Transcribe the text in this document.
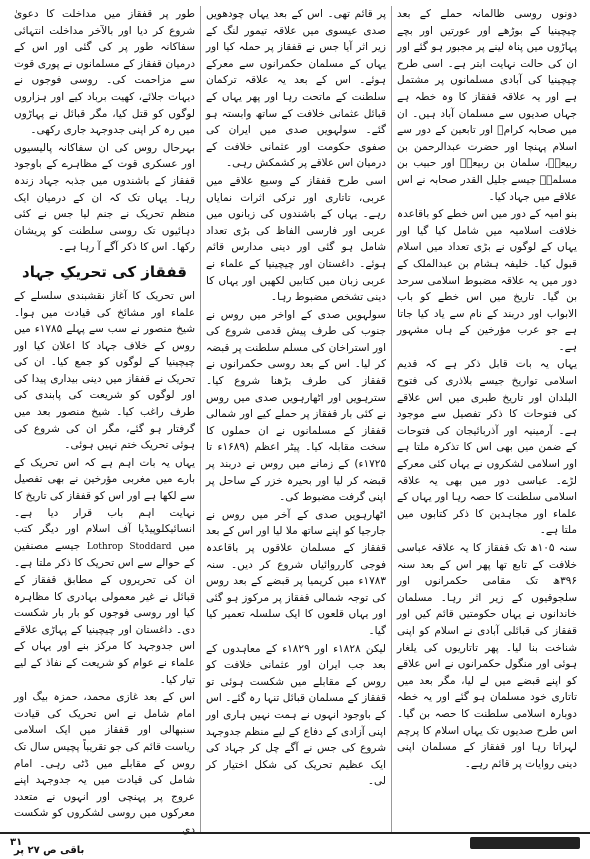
دونوں روسی ظالمانہ حملے کے بعد چیچینیا کے بوڑھے اور عورتیں اور بچے پہاڑوں میں پناہ لینے پر مجبور ہو گئے اور ان کی حالت نہایت ابتر ہے۔ اسی طرح چیچینیا کی آبادی مسلمانوں پر مشتمل ہے اور یہ علاقہ قفقاز کا وہ خطہ ہے جہاں صدیوں سے مسلمان آباد ہیں۔ ان میں صحابہ کرامؓ اور تابعین کے دور سے اسلام پہنچا اور حضرت عبدالرحمن بن ربیعہؓ، سلمان بن ربیعہؓ اور حبیب بن مسلمہؓ جیسے جلیل القدر صحابہ نے اس علاقے میں جہاد کیا۔

بنو امیہ کے دور میں اس خطے کو باقاعدہ خلافت اسلامیہ میں شامل کیا گیا اور یہاں کے لوگوں نے بڑی تعداد میں اسلام قبول کیا۔ خلیفہ ہشام بن عبدالملک کے دور میں یہ علاقہ مضبوط اسلامی سرحد بن گیا۔ تاریخ میں اس خطے کو باب الابواب اور دربند کے نام سے یاد کیا جاتا ہے جو عرب مؤرخین کے ہاں مشہور ہے۔

یہاں یہ بات قابل ذکر ہے کہ قدیم اسلامی تواریخ جیسے بلاذری کی فتوح البلدان اور تاریخ طبری میں اس علاقے کی فتوحات کا ذکر تفصیل سے موجود ہے۔ آرمینیہ اور آذربائیجان کی فتوحات کے ضمن میں بھی اس کا تذکرہ ملتا ہے اور اسلامی لشکروں نے یہاں کئی معرکے لڑے۔ عباسی دور میں بھی یہ علاقہ اسلامی سلطنت کا حصہ رہا اور یہاں کے علماء اور مجاہدین کا ذکر کتابوں میں ملتا ہے۔

سنہ ۱۰۵ھ تک قفقاز کا یہ علاقہ عباسی خلافت کے تابع تھا پھر اس کے بعد سنہ ۳۹۶ھ تک مقامی حکمرانوں اور سلجوقیوں کے زیر اثر رہا۔ مسلمان خاندانوں نے یہاں حکومتیں قائم کیں اور قفقاز کی قبائلی آبادی نے اسلام کو اپنی شناخت بنا لیا۔ پھر تاتاریوں کی یلغار ہوئی اور منگول حکمرانوں نے اس علاقے کو اپنے قبضے میں لے لیا، مگر بعد میں تاتاری خود مسلمان ہو گئے اور یہ خطہ دوبارہ اسلامی سلطنت کا حصہ بن گیا۔ اس طرح صدیوں تک یہاں اسلام کا پرچم لہراتا رہا اور قفقاز کے مسلمان اپنی دینی روایات پر قائم رہے۔

پر قائم تھی۔ اس کے بعد یہاں چودھویں صدی عیسوی میں علاقہ تیمور لنگ کے زیر اثر آیا جس نے قفقاز پر حملہ کیا اور یہاں کے مسلمان حکمرانوں سے معرکے ہوئے۔ اس کے بعد یہ علاقہ ترکمان سلطنت کے ماتحت رہا اور پھر یہاں کے قبائل عثمانی خلافت کے ساتھ وابستہ ہو گئے۔ سولہویں صدی میں ایران کی صفوی حکومت اور عثمانی خلافت کے درمیان اس علاقے پر کشمکش رہی۔

اسی طرح قفقاز کے وسیع علاقے میں عربی، تاتاری اور ترکی اثرات نمایاں رہے۔ یہاں کے باشندوں کی زبانوں میں عربی اور فارسی الفاظ کی بڑی تعداد شامل ہو گئی اور دینی مدارس قائم ہوئے۔ داغستان اور چیچینیا کے علماء نے عربی زبان میں کتابیں لکھیں اور یہاں کا دینی تشخص مضبوط رہا۔

سولہویں صدی کے اواخر میں روس نے جنوب کی طرف پیش قدمی شروع کی اور استراخان کی مسلم سلطنت پر قبضہ کر لیا۔ اس کے بعد روسی حکمرانوں نے قفقاز کی طرف بڑھنا شروع کیا۔ سترہویں اور اٹھارہویں صدی میں روس نے کئی بار قفقاز پر حملے کیے اور شمالی قفقاز کے مسلمانوں نے ان حملوں کا سخت مقابلہ کیا۔ پیٹر اعظم (۱۶۸۹ء تا ۱۷۲۵ء) کے زمانے میں روس نے دربند پر قبضہ کر لیا اور بحیرہ خزر کے ساحل پر اپنی گرفت مضبوط کی۔

اٹھارہویں صدی کے آخر میں روس نے جارجیا کو اپنے ساتھ ملا لیا اور اس کے بعد قفقاز کے مسلمان علاقوں پر باقاعدہ فوجی کارروائیاں شروع کر دیں۔ سنہ ۱۷۸۳ء میں کریمیا پر قبضے کے بعد روس کی توجہ شمالی قفقاز پر مرکوز ہو گئی اور یہاں قلعوں کا ایک سلسلہ تعمیر کیا گیا۔

لیکن ۱۸۲۸ء اور ۱۸۲۹ء کے معاہدوں کے بعد جب ایران اور عثمانی خلافت کو روس کے مقابلے میں شکست ہوئی تو قفقاز کے مسلمان قبائل تنہا رہ گئے۔ اس کے باوجود انہوں نے ہمت نہیں ہاری اور اپنی آزادی کے دفاع کے لیے منظم جدوجہد شروع کی جس نے آگے چل کر جہاد کی ایک عظیم تحریک کی شکل اختیار کر لی۔

طور پر قفقاز میں مداخلت کا دعویٰ شروع کر دیا اور بالآخر مداخلت انتہائی سفاکانہ طور پر کی گئی اور اس کے درمیان قفقاز کے مسلمانوں نے پوری قوت سے مزاحمت کی۔ روسی فوجوں نے دیہات جلائے، کھیت برباد کیے اور ہزاروں لوگوں کو قتل کیا، مگر قبائل نے پہاڑوں میں رہ کر اپنی جدوجہد جاری رکھی۔

بہرحال روس کی ان سفاکانہ پالیسیوں اور عسکری قوت کے مظاہرے کے باوجود قفقاز کے باشندوں میں جذبہ جہاد زندہ رہا۔ یہاں تک کہ ان کے درمیان ایک منظم تحریک نے جنم لیا جس نے کئی دہائیوں تک روسی سلطنت کو پریشان رکھا۔ اس کا ذکر آگے آ رہا ہے۔

قفقاز کی تحریکِ جہاد

اس تحریک کا آغاز نقشبندی سلسلے کے علماء اور مشائخ کی قیادت میں ہوا۔ شیخ منصور نے سب سے پہلے ۱۷۸۵ء میں روس کے خلاف جہاد کا اعلان کیا اور چیچینیا کے لوگوں کو جمع کیا۔ ان کی تحریک نے قفقاز میں دینی بیداری پیدا کی اور لوگوں کو شریعت کی پابندی کی طرف راغب کیا۔ شیخ منصور بعد میں گرفتار ہو گئے، مگر ان کی شروع کی ہوئی تحریک ختم نہیں ہوئی۔

یہاں یہ بات اہم ہے کہ اس تحریک کے بارے میں مغربی مؤرخین نے بھی تفصیل سے لکھا ہے اور اس کو قفقاز کی تاریخ کا نہایت اہم باب قرار دیا ہے۔ انسائیکلوپیڈیا آف اسلام اور دیگر کتب میں Lothrop Stoddard جیسے مصنفین کے حوالے سے اس تحریک کا ذکر ملتا ہے۔ ان کی تحریروں کے مطابق قفقاز کے قبائل نے غیر معمولی بہادری کا مظاہرہ کیا اور روسی فوجوں کو بار بار شکست دی۔ داغستان اور چیچینیا کے پہاڑی علاقے اس جدوجہد کا مرکز بنے اور یہاں کے علماء نے عوام کو شریعت کے نفاذ کے لیے تیار کیا۔

اس کے بعد غازی محمد، حمزہ بیگ اور امام شامل نے اس تحریک کی قیادت سنبھالی اور قفقاز میں ایک اسلامی ریاست قائم کی جو تقریباً پچیس سال تک روس کے مقابلے میں ڈٹی رہی۔ امام شامل کی قیادت میں یہ جدوجہد اپنے عروج پر پہنچی اور انہوں نے متعدد معرکوں میں روسی لشکروں کو شکست دی۔

باقی ص ۲۷ پر
۳۱
